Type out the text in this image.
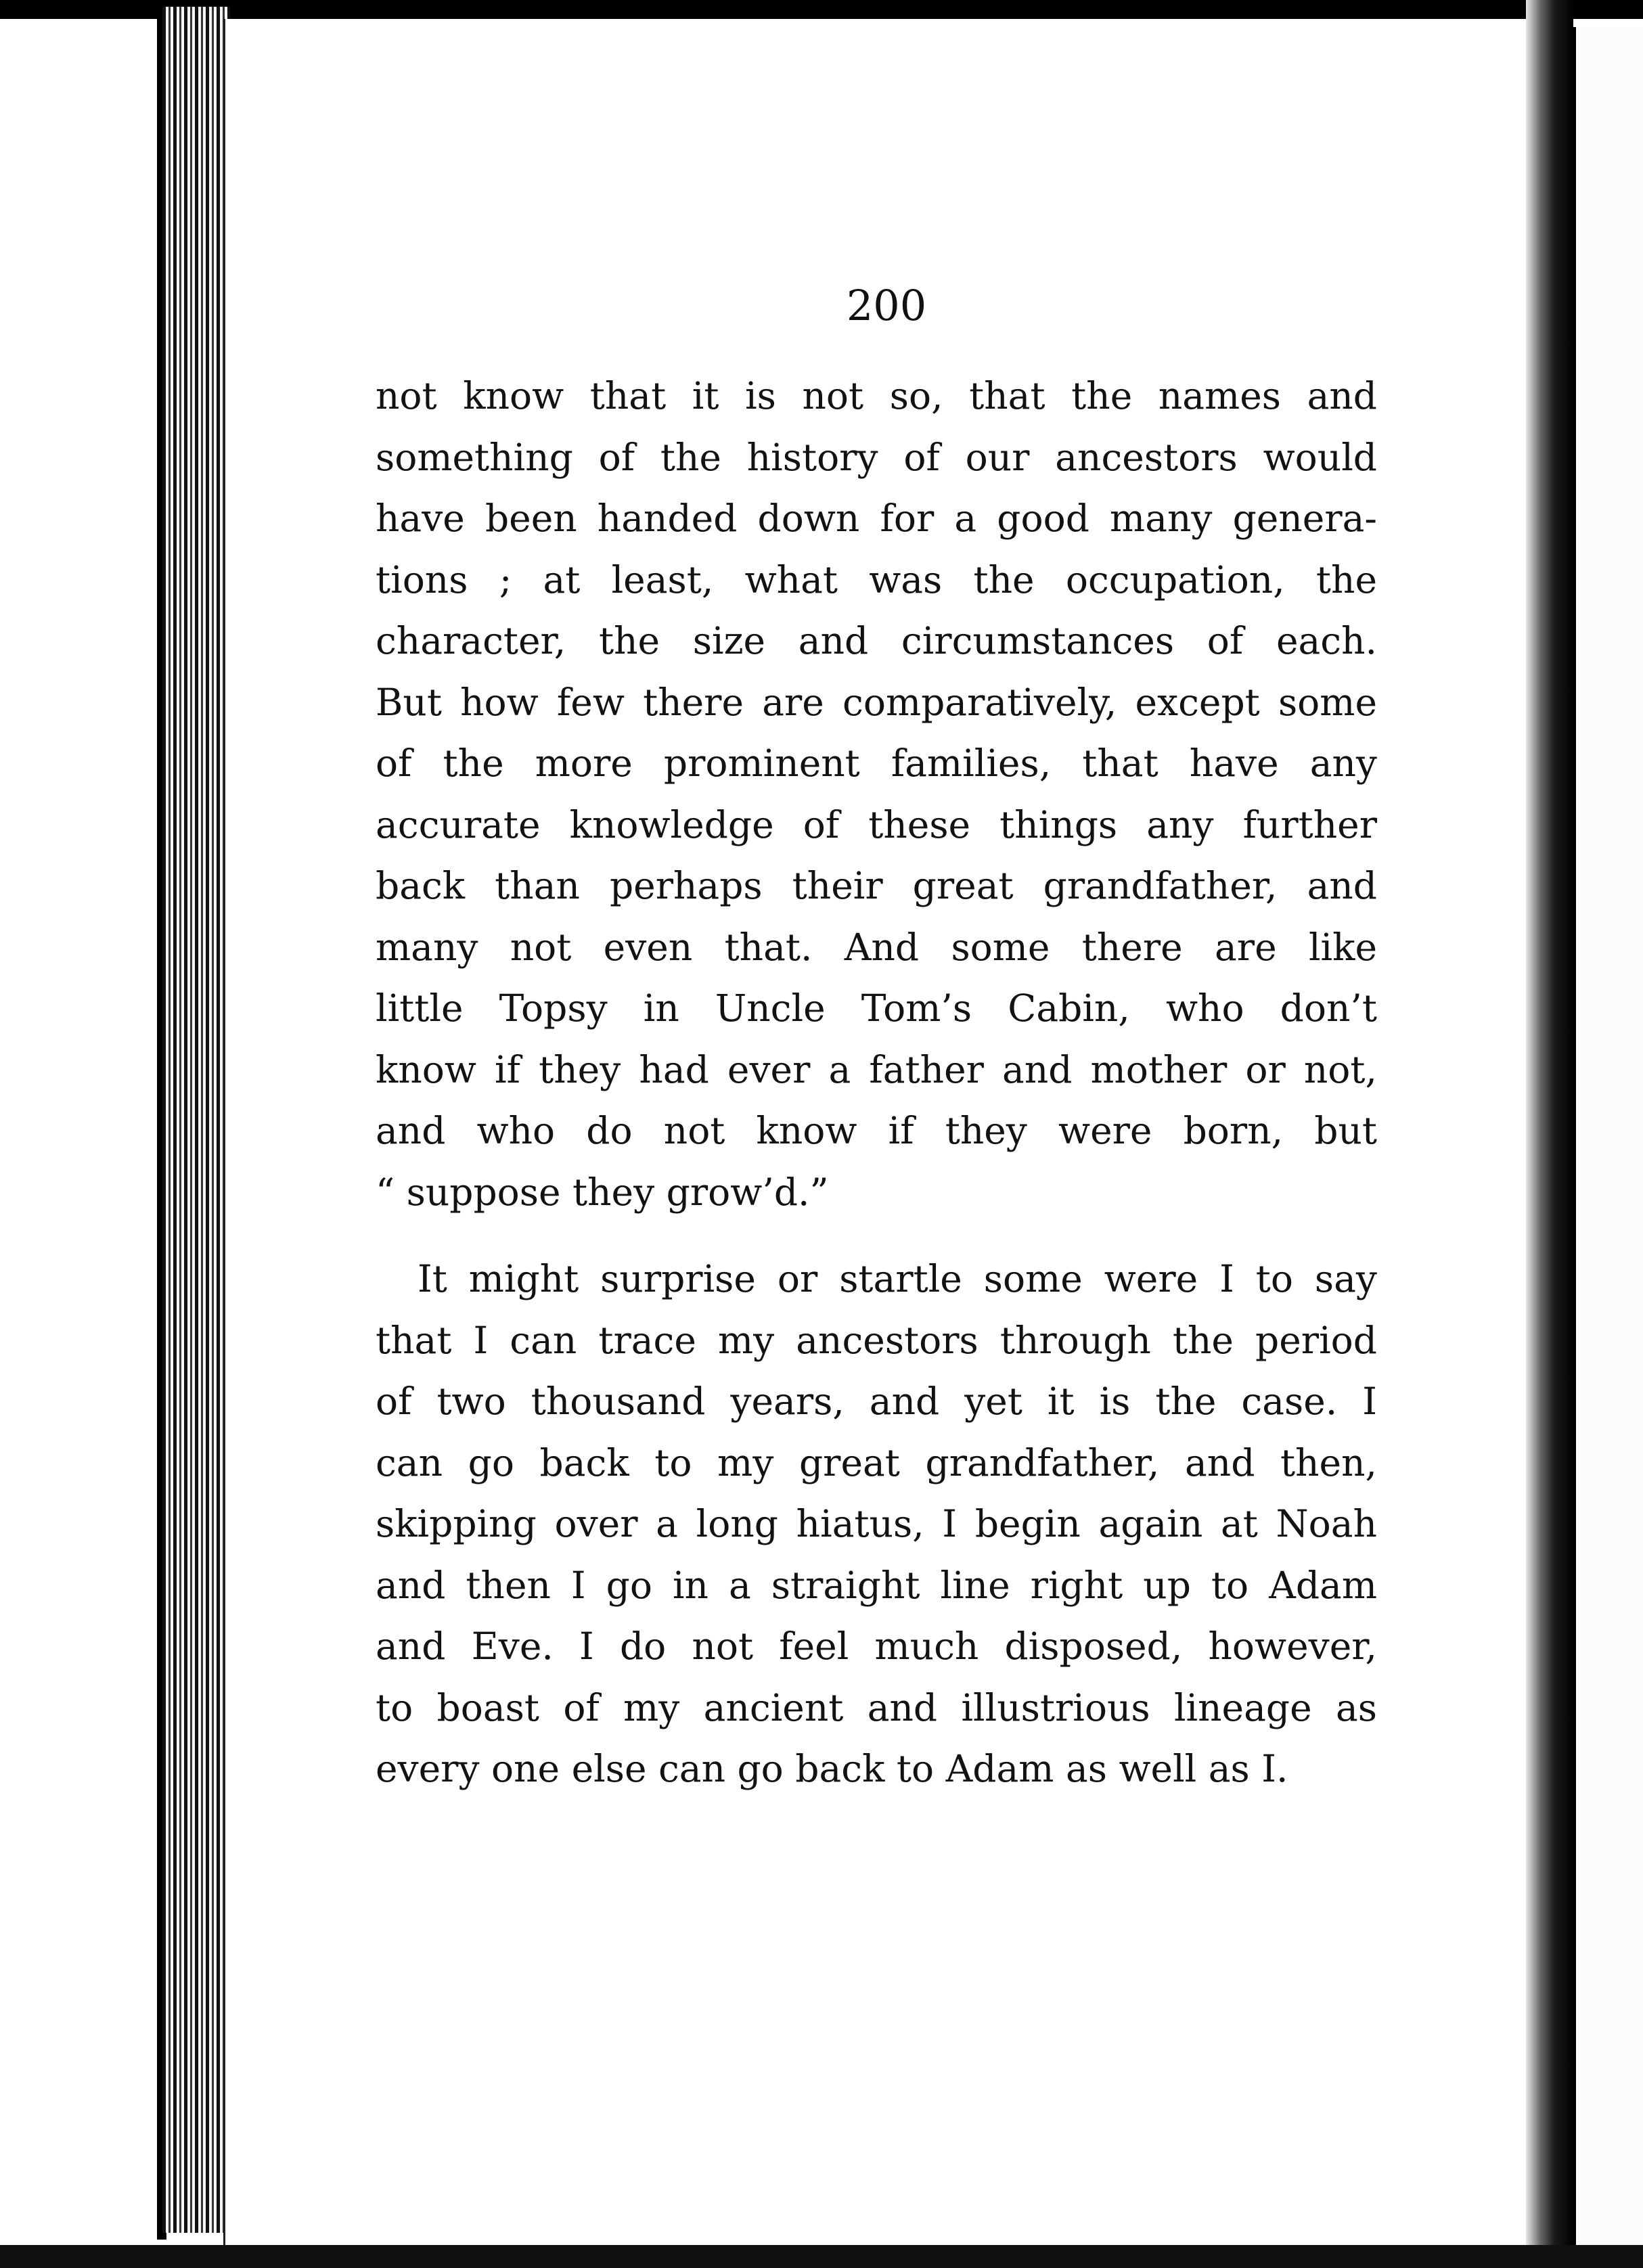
200

not know that it is not so, that the names and
something of the history of our ancestors would
have been handed down for a good many genera-
tions ; at least, what was the occupation, the
character, the size and circumstances of each.
But how few there are comparatively, except some
of the more prominent families, that have any
accurate knowledge of these things any further
back than perhaps their great grandfather, and
many not even that. And some there are like
little Topsy in Uncle Tom’s Cabin, who don’t
know if they had ever a father and mother or not,
and who do not know if they were born, but
“ suppose they grow’d.”

It might surprise or startle some were I to say
that I can trace my ancestors through the period
of two thousand years, and yet it is the case. I
can go back to my great grandfather, and then,
skipping over a long hiatus, I begin again at Noah
and then I go in a straight line right up to Adam
and Eve. I do not feel much disposed, however,
to boast of my ancient and illustrious lineage as
every one else can go back to Adam as well as I.
